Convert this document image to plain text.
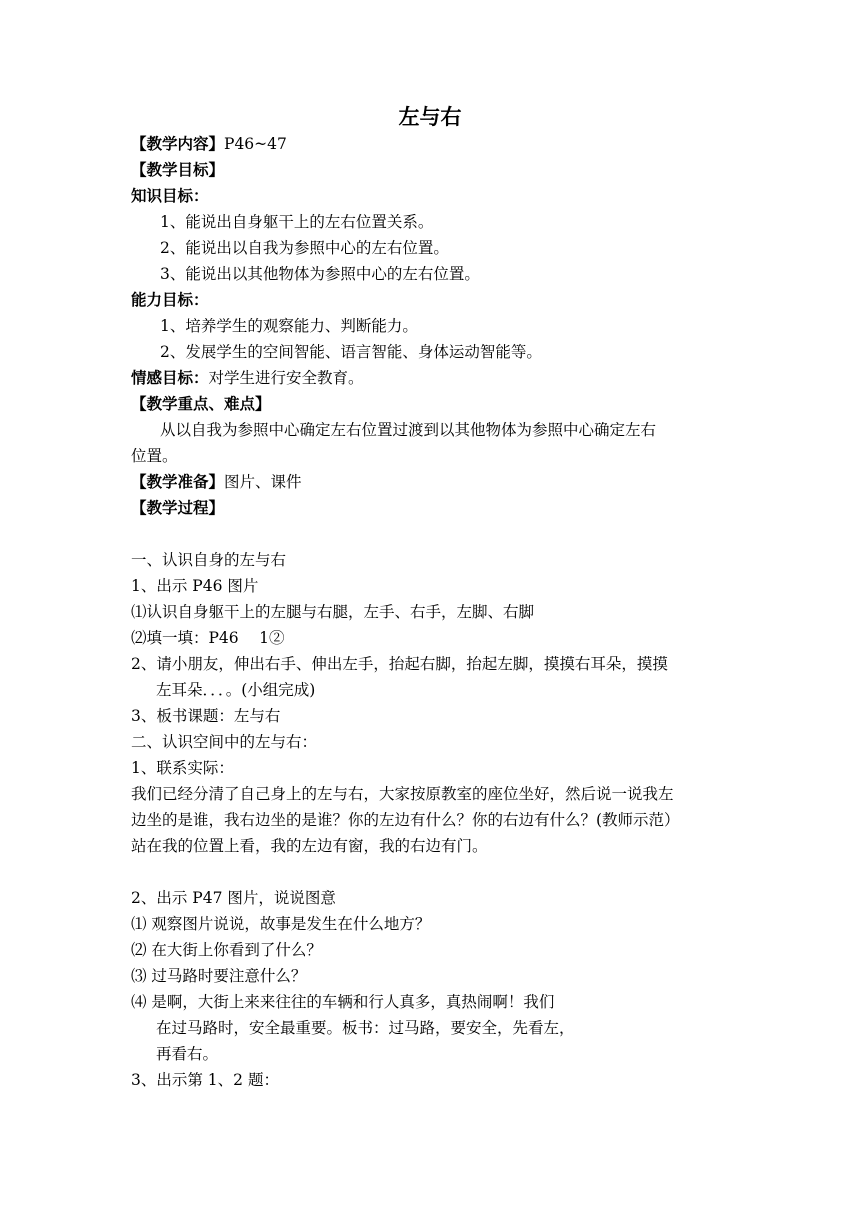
左与右
【教学内容】P46~47
【教学目标】
知识目标：
1、能说出自身躯干上的左右位置关系。
2、能说出以自我为参照中心的左右位置。
3、能说出以其他物体为参照中心的左右位置。
能力目标：
1、培养学生的观察能力、判断能力。
2、发展学生的空间智能、语言智能、身体运动智能等。
情感目标：对学生进行安全教育。
【教学重点、难点】
从以自我为参照中心确定左右位置过渡到以其他物体为参照中心确定左右
位置。
【教学准备】图片、课件
【教学过程】
一、认识自身的左与右
1、出示 P46 图片
⑴认识自身躯干上的左腿与右腿，左手、右手，左脚、右脚
⑵填一填：P46　 1②
2、请小朋友，伸出右手、伸出左手，抬起右脚，抬起左脚，摸摸右耳朵，摸摸
左耳朵．．．。(小组完成)
3、板书课题：左与右
二、认识空间中的左与右：
1、联系实际：
我们已经分清了自己身上的左与右，大家按原教室的座位坐好，然后说一说我左
边坐的是谁，我右边坐的是谁？你的左边有什么？你的右边有什么？(教师示范）
站在我的位置上看，我的左边有窗，我的右边有门。
2、出示 P47 图片，说说图意
⑴ 观察图片说说，故事是发生在什么地方？
⑵ 在大街上你看到了什么？
⑶ 过马路时要注意什么？
⑷ 是啊，大街上来来往往的车辆和行人真多，真热闹啊！我们
在过马路时，安全最重要。板书：过马路，要安全，先看左，
再看右。
3、出示第 1、2 题：
